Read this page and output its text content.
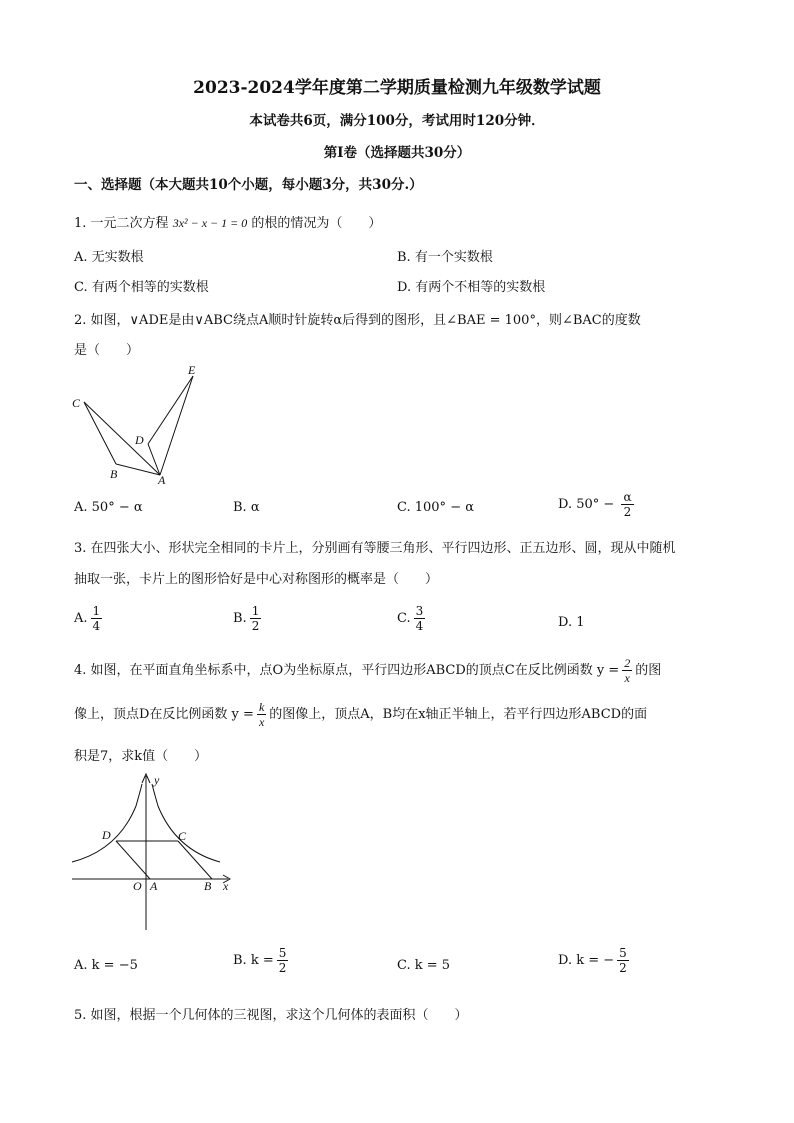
2023-2024学年度第二学期质量检测九年级数学试题
本试卷共6页，满分100分，考试用时120分钟．
第I卷（选择题共30分）
一、选择题（本大题共10个小题，每小题3分，共30分.）
1. 一元二次方程 3x² − x − 1 = 0 的根的情况为（　　）
A. 无实数根	B. 有一个实数根
C. 有两个相等的实数根	D. 有两个不相等的实数根
2. 如图，∨ADE是由∨ABC绕点A顺时针旋转α后得到的图形，且∠BAE = 100°，则∠BAC的度数
是（　　）
C
E
D
B	A
A. 50° − α	B. α	C. 100° − α	D. $50^\circ - \frac{\alpha}{2}$
3. 在四张大小、形状完全相同的卡片上，分别画有等腰三角形、平行四边形、正五边形、圆，现从中随机
抽取一张，卡片上的图形恰好是中心对称图形的概率是（　　）
A. $\frac{1}{4}$	B. $\frac{1}{2}$	C. $\frac{3}{4}$	D. 1
4. 如图，在平面直角坐标系中，点O为坐标原点，平行四边形ABCD的顶点C在反比例函数 $y = \frac{2}{x}$ 的图
像上，顶点D在反比例函数 $y = \frac{k}{x}$ 的图像上，顶点A，B均在x轴正半轴上，若平行四边形ABCD的面
积是7，求k值（　　）
y
D	C
O A	B x
A. k = −5	B. $k = \frac{5}{2}$	C. k = 5	D. k = − $\frac{5}{2}$
5. 如图，根据一个几何体的三视图，求这个几何体的表面积（　　）
